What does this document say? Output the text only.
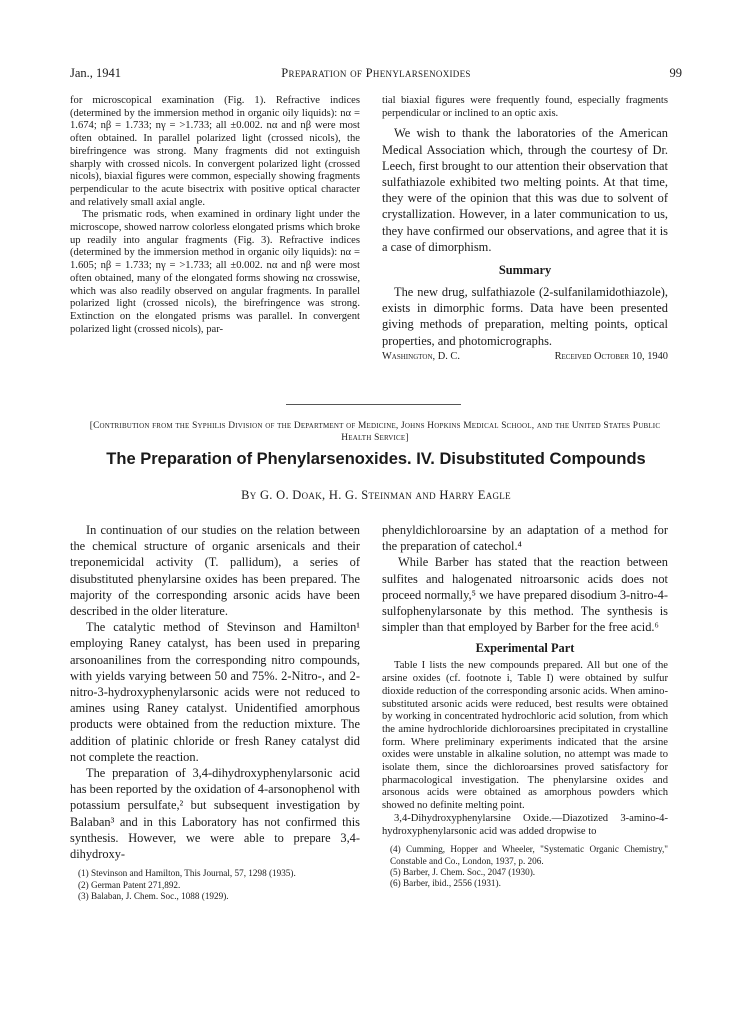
Jan., 1941	Preparation of Phenylarsenoxides	99

for microscopical examination (Fig. 1). Refractive indices (determined by the immersion method in organic oily liquids): nα = 1.674; nβ = 1.733; nγ = >1.733; all ±0.002. nα and nβ were most often obtained. In parallel polarized light (crossed nicols), the birefringence was strong. Many fragments did not extinguish sharply with crossed nicols. In convergent polarized light (crossed nicols), biaxial figures were common, especially showing fragments perpendicular to the acute bisectrix with positive optical character and relatively small axial angle.

The prismatic rods, when examined in ordinary light under the microscope, showed narrow colorless elongated prisms which broke up readily into angular fragments (Fig. 3). Refractive indices (determined by the immersion method in organic oily liquids): nα = 1.605; nβ = 1.733; nγ = >1.733; all ±0.002. nα and nβ were most often obtained, many of the elongated forms showing nα crosswise, which was also readily observed on angular fragments. In parallel polarized light (crossed nicols), the birefringence was strong. Extinction on the elongated prisms was parallel. In convergent polarized light (crossed nicols), par-

tial biaxial figures were frequently found, especially fragments perpendicular or inclined to an optic axis.

We wish to thank the laboratories of the American Medical Association which, through the courtesy of Dr. Leech, first brought to our attention their observation that sulfathiazole exhibited two melting points. At that time, they were of the opinion that this was due to solvent of crystallization. However, in a later communication to us, they have confirmed our observations, and agree that it is a case of dimorphism.

Summary

The new drug, sulfathiazole (2-sulfanilamidothiazole), exists in dimorphic forms. Data have been presented giving methods of preparation, melting points, optical properties, and photomicrographs.

Washington, D. C.	Received October 10, 1940
[Contribution from the Syphilis Division of the Department of Medicine, Johns Hopkins Medical School, and the United States Public Health Service]
The Preparation of Phenylarsenoxides. IV. Disubstituted Compounds
By G. O. Doak, H. G. Steinman and Harry Eagle

In continuation of our studies on the relation between the chemical structure of organic arsenicals and their treponemicidal activity (T. pallidum), a series of disubstituted phenylarsine oxides has been prepared. The majority of the corresponding arsonic acids have been described in the older literature.

The catalytic method of Stevinson and Hamilton¹ employing Raney catalyst, has been used in preparing arsonoanilines from the corresponding nitro compounds, with yields varying between 50 and 75%. 2-Nitro-, and 2-nitro-3-hydroxyphenylarsonic acids were not reduced to amines using Raney catalyst. Unidentified amorphous products were obtained from the reduction mixture. The addition of platinic chloride or fresh Raney catalyst did not complete the reaction.

The preparation of 3,4-dihydroxyphenylarsonic acid has been reported by the oxidation of 4-arsonophenol with potassium persulfate,² but subsequent investigation by Balaban³ and in this Laboratory has not confirmed this synthesis. However, we were able to prepare 3,4-dihydroxy-

(1) Stevinson and Hamilton, This Journal, 57, 1298 (1935).

(2) German Patent 271,892.

(3) Balaban, J. Chem. Soc., 1088 (1929).

phenyldichloroarsine by an adaptation of a method for the preparation of catechol.⁴

While Barber has stated that the reaction between sulfites and halogenated nitroarsonic acids does not proceed normally,⁵ we have prepared disodium 3-nitro-4-sulfophenylarsonate by this method. The synthesis is simpler than that employed by Barber for the free acid.⁶

Experimental Part

Table I lists the new compounds prepared. All but one of the arsine oxides (cf. footnote i, Table I) were obtained by sulfur dioxide reduction of the corresponding arsonic acids. When amino-substituted arsonic acids were reduced, best results were obtained by working in concentrated hydrochloric acid solution, from which the amine hydrochloride dichloroarsines precipitated in crystalline form. Where preliminary experiments indicated that the arsine oxides were unstable in alkaline solution, no attempt was made to isolate them, since the dichloroarsines proved satisfactory for pharmacological investigation. The phenylarsine oxides and arsonous acids were obtained as amorphous powders which showed no definite melting point.

3,4-Dihydroxyphenylarsine Oxide.—Diazotized 3-amino-4-hydroxyphenylarsonic acid was added dropwise to

(4) Cumming, Hopper and Wheeler, "Systematic Organic Chemistry," Constable and Co., London, 1937, p. 206.

(5) Barber, J. Chem. Soc., 2047 (1930).

(6) Barber, ibid., 2556 (1931).
